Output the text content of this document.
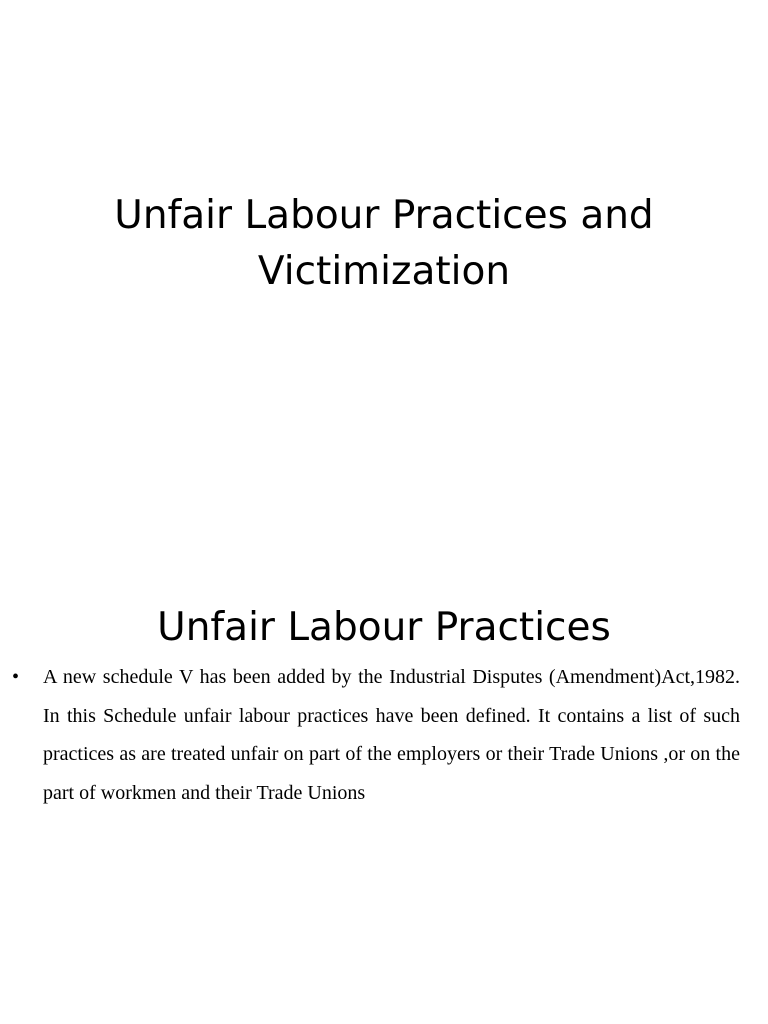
Unfair Labour Practices and Victimization
Unfair Labour Practices
• A new schedule V has been added by the Industrial Disputes (Amendment)Act,1982. In this Schedule unfair labour practices have been defined. It contains a list of such practices as are treated unfair on part of the employers or their Trade Unions ,or on the part of workmen and their Trade Unions
